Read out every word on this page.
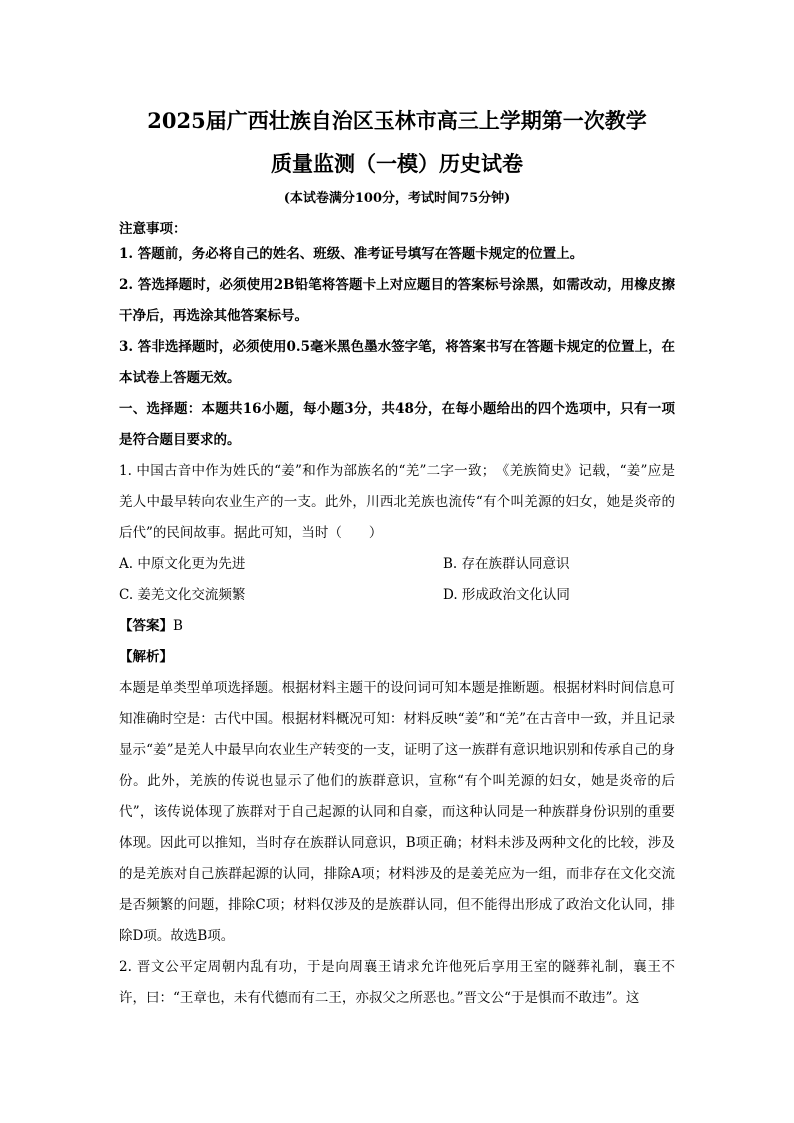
2025届广西壮族自治区玉林市高三上学期第一次教学

质量监测（一模）历史试卷

(本试卷满分100分，考试时间75分钟)
注意事项：

1. 答题前，务必将自己的姓名、班级、准考证号填写在答题卡规定的位置上。

2. 答选择题时，必须使用2B铅笔将答题卡上对应题目的答案标号涂黑，如需改动，用橡皮擦干净后，再选涂其他答案标号。

3. 答非选择题时，必须使用0.5毫米黑色墨水签字笔，将答案书写在答题卡规定的位置上，在本试卷上答题无效。

一、选择题：本题共16小题，每小题3分，共48分，在每小题给出的四个选项中，只有一项是符合题目要求的。

1. 中国古音中作为姓氏的“姜”和作为部族名的“羌”二字一致；　《羌族简史》记载，“姜”应是羌人中最早转向农业生产的一支。此外，川西北羌族也流传“有个叫羌源的妇女，她是炎帝的后代”的民间故事。据此可知，当时（　　）

A. 中原文化更为先进	B. 存在族群认同意识
C. 姜羌文化交流频繁	D. 形成政治文化认同
【答案】B
【解析】

本题是单类型单项选择题。根据材料主题干的设问词可知本题是推断题。根据材料时间信息可知准确时空是：古代中国。根据材料概况可知：材料反映“姜”和“羌”在古音中一致，并且记录显示“姜”是羌人中最早向农业生产转变的一支，证明了这一族群有意识地识别和传承自己的身份。此外，羌族的传说也显示了他们的族群意识，宣称“有个叫羌源的妇女，她是炎帝的后代”，该传说体现了族群对于自己起源的认同和自豪，而这种认同是一种族群身份识别的重要体现。因此可以推知，当时存在族群认同意识，B项正确；材料未涉及两种文化的比较，涉及的是羌族对自己族群起源的认同，排除A项；材料涉及的是姜羌应为一组，而非存在文化交流是否频繁的问题，排除C项；材料仅涉及的是族群认同，但不能得出形成了政治文化认同，排除D项。故选B项。

2. 晋文公平定周朝内乱有功，于是向周襄王请求允许他死后享用王室的隧葬礼制，襄王不许，曰：“王章也，未有代德而有二王，亦叔父之所恶也。”晋文公“于是惧而不敢违”。这
